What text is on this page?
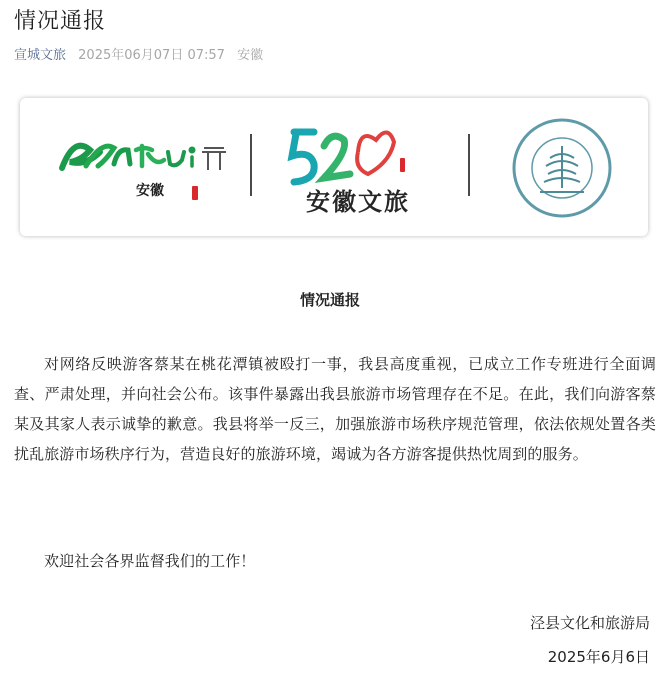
情况通报
宣城文旅 2025年06月07日 07:57 安徽
安徽	安徽文旅
情况通报

对网络反映游客蔡某在桃花潭镇被殴打一事，我县高度重视，已成立工作专班进行全面调查、严肃处理，并向社会公布。该事件暴露出我县旅游市场管理存在不足。在此，我们向游客蔡某及其家人表示诚挚的歉意。我县将举一反三，加强旅游市场秩序规范管理，依法依规处置各类扰乱旅游市场秩序行为，营造良好的旅游环境，竭诚为各方游客提供热忱周到的服务。

欢迎社会各界监督我们的工作！

泾县文化和旅游局
2025年6月6日
